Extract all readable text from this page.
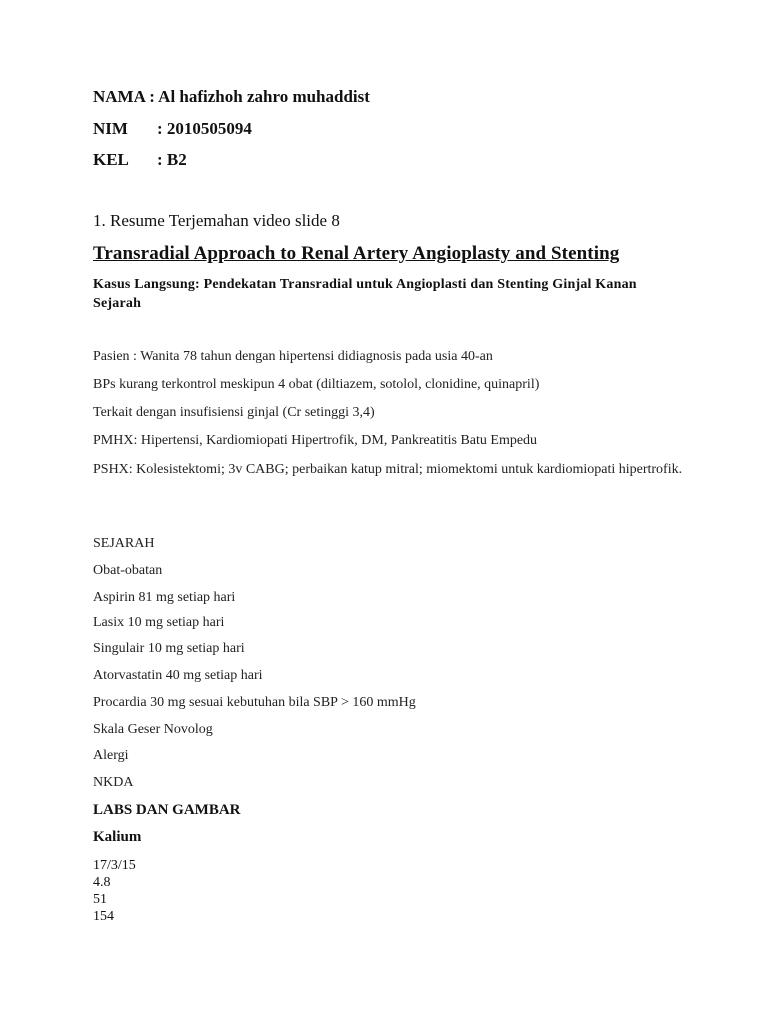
NAMA : Al hafizhoh zahro muhaddist
NIM : 2010505094
KEL : B2
1. Resume Terjemahan video slide 8
Transradial Approach to Renal Artery Angioplasty and Stenting
Kasus Langsung: Pendekatan Transradial untuk Angioplasti dan Stenting Ginjal Kanan Sejarah
Pasien : Wanita 78 tahun dengan hipertensi didiagnosis pada usia 40-an
BPs kurang terkontrol meskipun 4 obat (diltiazem, sotolol, clonidine, quinapril)
Terkait dengan insufisiensi ginjal (Cr setinggi 3,4)
PMHX: Hipertensi, Kardiomiopati Hipertrofik, DM, Pankreatitis Batu Empedu
PSHX: Kolesistektomi; 3v CABG; perbaikan katup mitral; miomektomi untuk kardiomiopati hipertrofik.
SEJARAH
Obat-obatan
Aspirin 81 mg setiap hari
Lasix 10 mg setiap hari
Singulair 10 mg setiap hari
Atorvastatin 40 mg setiap hari
Procardia 30 mg sesuai kebutuhan bila SBP > 160 mmHg
Skala Geser Novolog
Alergi
NKDA
LABS DAN GAMBAR
Kalium
17/3/15
4.8
51
154
